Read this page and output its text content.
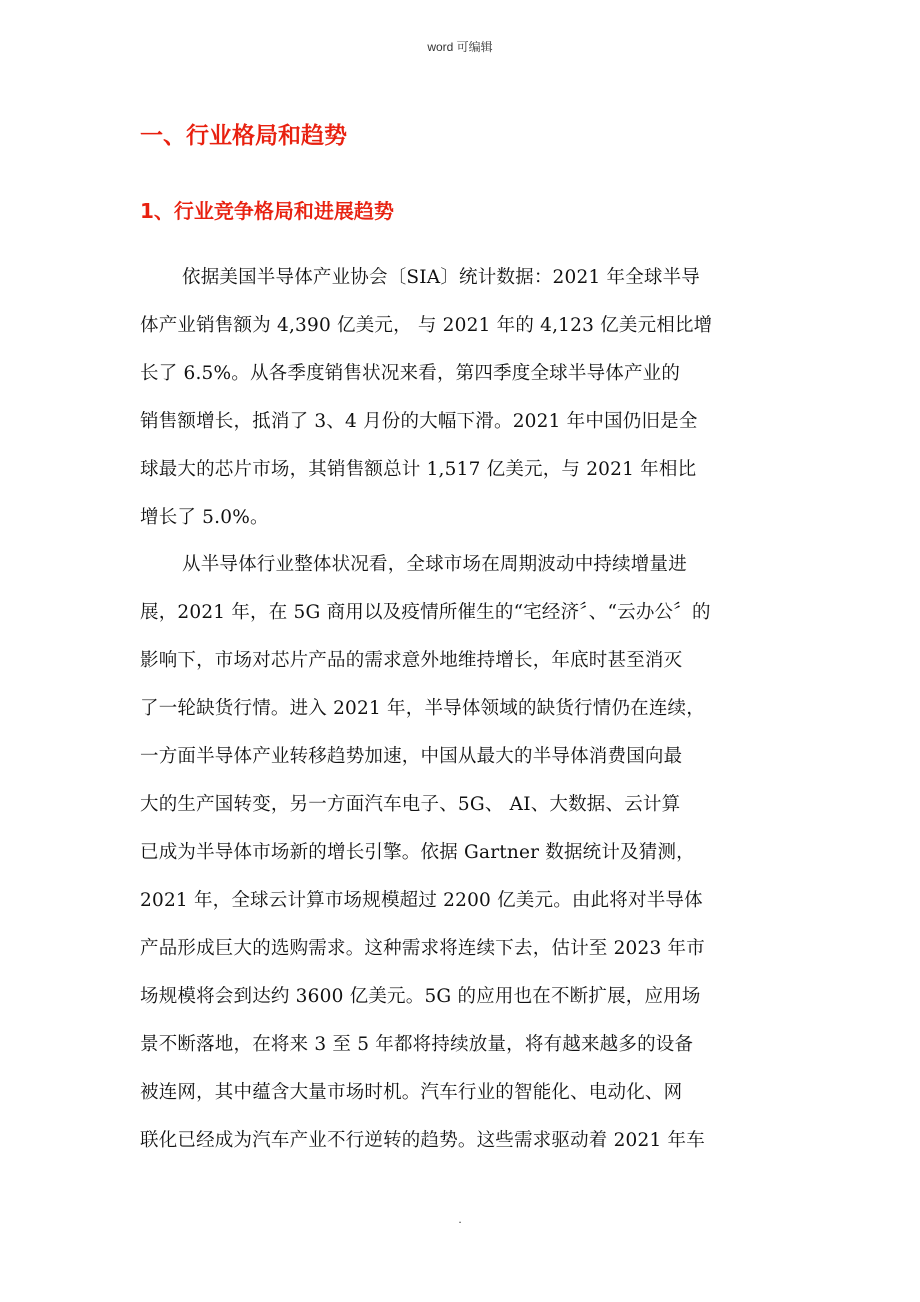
word 可编辑
一、行业格局和趋势
1、行业竞争格局和进展趋势
依据美国半导体产业协会〔SIA〕统计数据：2021 年全球半导
体产业销售额为 4,390 亿美元， 与 2021 年的 4,123 亿美元相比增
长了 6.5%。从各季度销售状况来看，第四季度全球半导体产业的
销售额增长，抵消了 3、4 月份的大幅下滑。2021 年中国仍旧是全
球最大的芯片市场，其销售额总计 1,517 亿美元，与 2021 年相比
增长了 5.0%。
从半导体行业整体状况看，全球市场在周期波动中持续增量进
展，2021 年，在 5G 商用以及疫情所催生的“宅经济〞、“云办公〞的
影响下，市场对芯片产品的需求意外地维持增长，年底时甚至消灭
了一轮缺货行情。进入 2021 年，半导体领域的缺货行情仍在连续，
一方面半导体产业转移趋势加速，中国从最大的半导体消费国向最
大的生产国转变，另一方面汽车电子、5G、 AI、大数据、云计算
已成为半导体市场新的增长引擎。依据 Gartner 数据统计及猜测，
2021 年，全球云计算市场规模超过 2200 亿美元。由此将对半导体
产品形成巨大的选购需求。这种需求将连续下去，估计至 2023 年市
场规模将会到达约 3600 亿美元。5G 的应用也在不断扩展，应用场
景不断落地，在将来 3 至 5 年都将持续放量，将有越来越多的设备
被连网，其中蕴含大量市场时机。汽车行业的智能化、电动化、网
联化已经成为汽车产业不行逆转的趋势。这些需求驱动着 2021 年车
.
